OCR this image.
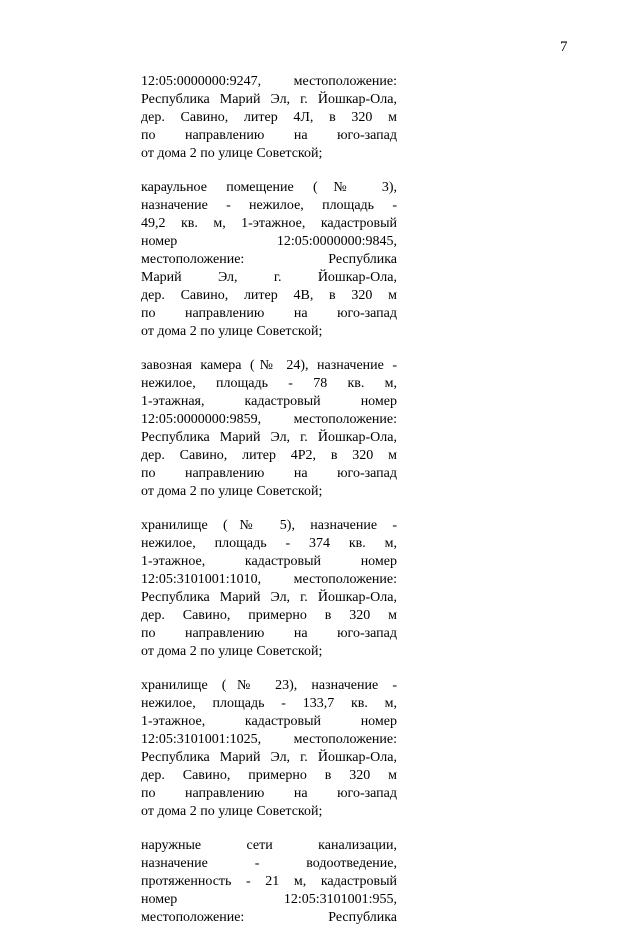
7
12:05:0000000:9247, местоположение:
Республика Марий Эл, г. Йошкар-Ола,
дер. Савино, литер 4Л, в 320 м
по направлению на юго-запад
от дома 2 по улице Советской;
караульное помещение (№ 3),
назначение - нежилое, площадь -
49,2 кв. м, 1-этажное, кадастровый
номер 12:05:0000000:9845,
местоположение: Республика
Марий Эл, г. Йошкар-Ола,
дер. Савино, литер 4В, в 320 м
по направлению на юго-запад
от дома 2 по улице Советской;
завозная камера (№ 24), назначение -
нежилое, площадь - 78 кв. м,
1-этажная, кадастровый номер
12:05:0000000:9859, местоположение:
Республика Марий Эл, г. Йошкар-Ола,
дер. Савино, литер 4Р2, в 320 м
по направлению на юго-запад
от дома 2 по улице Советской;
хранилище (№ 5), назначение -
нежилое, площадь - 374 кв. м,
1-этажное, кадастровый номер
12:05:3101001:1010, местоположение:
Республика Марий Эл, г. Йошкар-Ола,
дер. Савино, примерно в 320 м
по направлению на юго-запад
от дома 2 по улице Советской;
хранилище (№ 23), назначение -
нежилое, площадь - 133,7 кв. м,
1-этажное, кадастровый номер
12:05:3101001:1025, местоположение:
Республика Марий Эл, г. Йошкар-Ола,
дер. Савино, примерно в 320 м
по направлению на юго-запад
от дома 2 по улице Советской;
наружные сети канализации,
назначение - водоотведение,
протяженность - 21 м, кадастровый
номер 12:05:3101001:955,
местоположение: Республика
